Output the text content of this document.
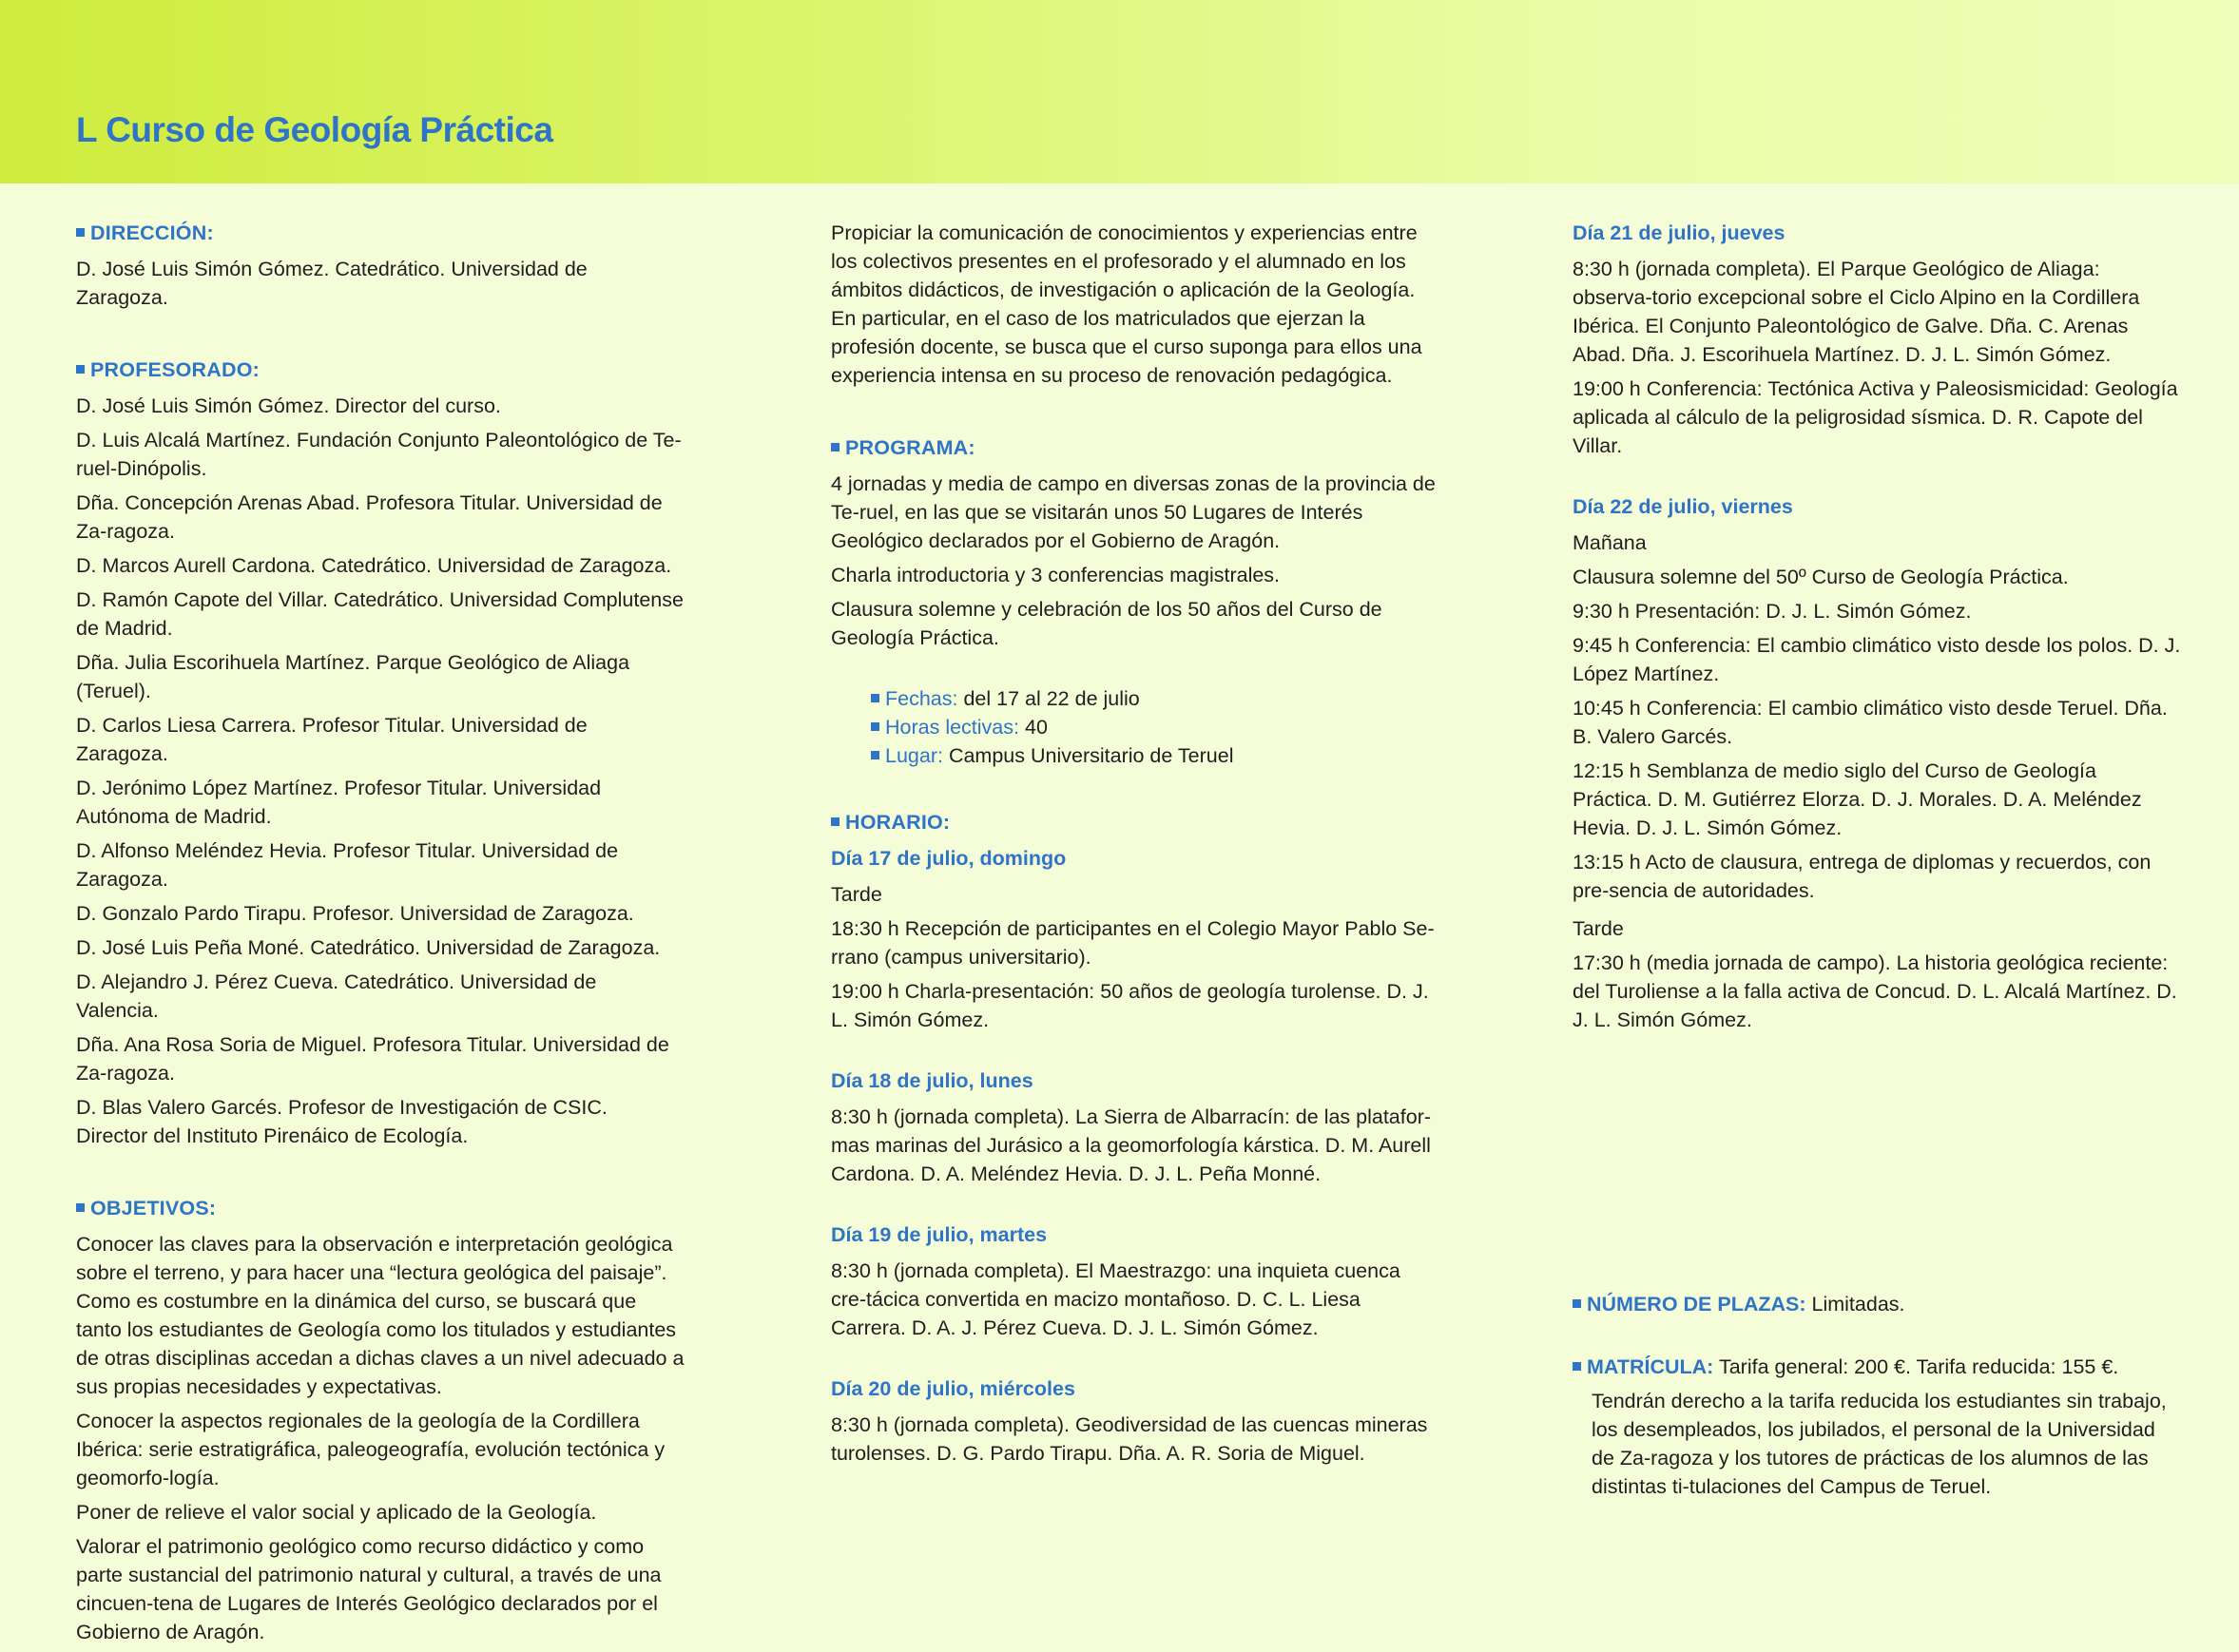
L Curso de Geología Práctica
DIRECCIÓN:
D. José Luis Simón Gómez. Catedrático. Universidad de Zaragoza.
PROFESORADO:
D. José Luis Simón Gómez. Director del curso.
D. Luis Alcalá Martínez. Fundación Conjunto Paleontológico de Te-ruel-Dinópolis.
Dña. Concepción Arenas Abad. Profesora Titular. Universidad de Za-ragoza.
D. Marcos Aurell Cardona. Catedrático. Universidad de Zaragoza.
D. Ramón Capote del Villar. Catedrático. Universidad Complutense de Madrid.
Dña. Julia Escorihuela Martínez. Parque Geológico de Aliaga (Teruel).
D. Carlos Liesa Carrera. Profesor Titular. Universidad de Zaragoza.
D. Jerónimo López Martínez. Profesor Titular. Universidad Autónoma de Madrid.
D. Alfonso Meléndez Hevia. Profesor Titular. Universidad de Zaragoza.
D. Gonzalo Pardo Tirapu. Profesor. Universidad de Zaragoza.
D. José Luis Peña Moné. Catedrático. Universidad de Zaragoza.
D. Alejandro J. Pérez Cueva. Catedrático. Universidad de Valencia.
Dña. Ana Rosa Soria de Miguel. Profesora Titular. Universidad de Za-ragoza.
D. Blas Valero Garcés. Profesor de Investigación de CSIC. Director del Instituto Pirenáico de Ecología.
OBJETIVOS:
Conocer las claves para la observación e interpretación geológica sobre el terreno, y para hacer una “lectura geológica del paisaje”. Como es costumbre en la dinámica del curso, se buscará que tanto los estudiantes de Geología como los titulados y estudiantes de otras disciplinas accedan a dichas claves a un nivel adecuado a sus propias necesidades y expectativas.
Conocer la aspectos regionales de la geología de la Cordillera Ibérica: serie estratigráfica, paleogeografía, evolución tectónica y geomorfo-logía.
Poner de relieve el valor social y aplicado de la Geología.
Valorar el patrimonio geológico como recurso didáctico y como parte sustancial del patrimonio natural y cultural, a través de una cincuen-tena de Lugares de Interés Geológico declarados por el Gobierno de Aragón.
Propiciar la comunicación de conocimientos y experiencias entre los colectivos presentes en el profesorado y el alumnado en los ámbitos didácticos, de investigación o aplicación de la Geología. En particular, en el caso de los matriculados que ejerzan la profesión docente, se busca que el curso suponga para ellos una experiencia intensa en su proceso de renovación pedagógica.
PROGRAMA:
4 jornadas y media de campo en diversas zonas de la provincia de Te-ruel, en las que se visitarán unos 50 Lugares de Interés Geológico declarados por el Gobierno de Aragón.
Charla introductoria y 3 conferencias magistrales.
Clausura solemne y celebración de los 50 años del Curso de Geología Práctica.
Fechas: del 17 al 22 de julio
Horas lectivas: 40
Lugar: Campus Universitario de Teruel
HORARIO:
Día 17 de julio, domingo
Tarde
18:30 h Recepción de participantes en el Colegio Mayor Pablo Se-rrano (campus universitario).
19:00 h Charla-presentación: 50 años de geología turolense. D. J. L. Simón Gómez.
Día 18 de julio, lunes
8:30 h (jornada completa). La Sierra de Albarracín: de las platafor-mas marinas del Jurásico a la geomorfología kárstica. D. M. Aurell Cardona. D. A. Meléndez Hevia. D. J. L. Peña Monné.
Día 19 de julio, martes
8:30 h (jornada completa). El Maestrazgo: una inquieta cuenca cre-tácica convertida en macizo montañoso. D. C. L. Liesa Carrera. D. A. J. Pérez Cueva. D. J. L. Simón Gómez.
Día 20 de julio, miércoles
8:30 h (jornada completa). Geodiversidad de las cuencas mineras turolenses. D. G. Pardo Tirapu. Dña. A. R. Soria de Miguel.
Día 21 de julio, jueves
8:30 h (jornada completa). El Parque Geológico de Aliaga: observa-torio excepcional sobre el Ciclo Alpino en la Cordillera Ibérica. El Conjunto Paleontológico de Galve. Dña. C. Arenas Abad. Dña. J. Escorihuela Martínez. D. J. L. Simón Gómez.
19:00 h Conferencia: Tectónica Activa y Paleosismicidad: Geología aplicada al cálculo de la peligrosidad sísmica. D. R. Capote del Villar.
Día 22 de julio, viernes
Mañana
Clausura solemne del 50º Curso de Geología Práctica.
9:30 h Presentación: D. J. L. Simón Gómez.
9:45 h Conferencia: El cambio climático visto desde los polos. D. J. López Martínez.
10:45 h Conferencia: El cambio climático visto desde Teruel. Dña. B. Valero Garcés.
12:15 h Semblanza de medio siglo del Curso de Geología Práctica. D. M. Gutiérrez Elorza. D. J. Morales. D. A. Meléndez Hevia. D. J. L. Simón Gómez.
13:15 h Acto de clausura, entrega de diplomas y recuerdos, con pre-sencia de autoridades.
Tarde
17:30 h (media jornada de campo). La historia geológica reciente: del Turoliense a la falla activa de Concud. D. L. Alcalá Martínez. D. J. L. Simón Gómez.
NÚMERO DE PLAZAS: Limitadas.
MATRÍCULA: Tarifa general: 200 €. Tarifa reducida: 155 €.
Tendrán derecho a la tarifa reducida los estudiantes sin trabajo, los desempleados, los jubilados, el personal de la Universidad de Za-ragoza y los tutores de prácticas de los alumnos de las distintas ti-tulaciones del Campus de Teruel.
